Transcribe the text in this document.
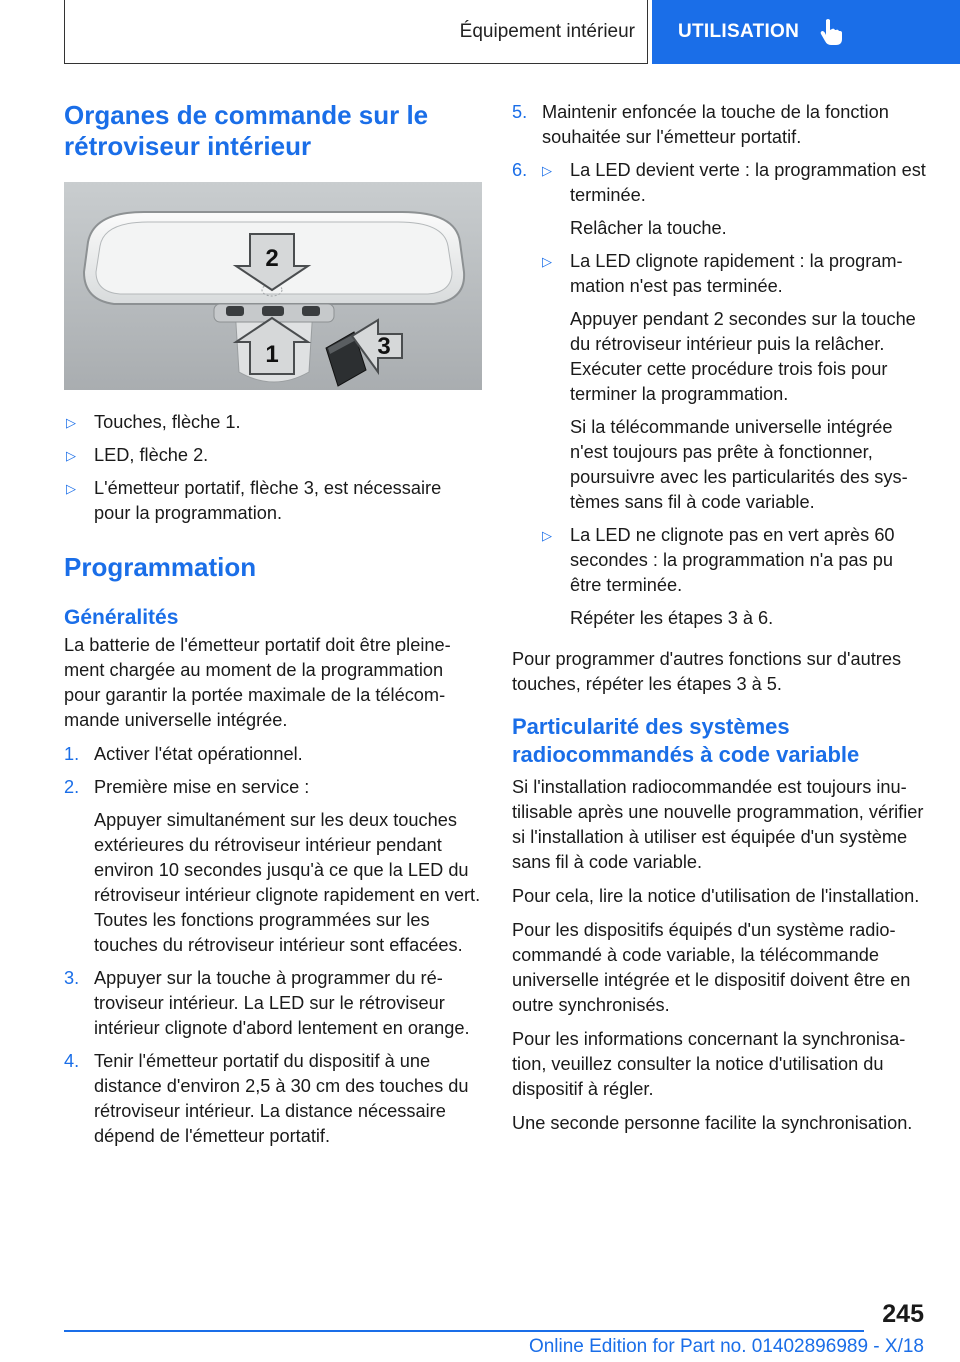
Équipement intérieur	UTILISATION
Organes de commande sur le rétroviseur intérieur
2
1	3
▷ Touches, flèche 1.
▷ LED, flèche 2.
▷ L'émetteur portatif, flèche 3, est nécessaire pour la programmation.
Programmation
Généralités

La batterie de l'émetteur portatif doit être pleinement chargée au moment de la programmation pour garantir la portée maximale de la télécommande universelle intégrée.

1. Activer l'état opérationnel.

2. Première mise en service :

Appuyer simultanément sur les deux touches extérieures du rétroviseur intérieur pendant environ 10 secondes jusqu'à ce que la LED du rétroviseur intérieur clignote rapidement en vert. Toutes les fonctions programmées sur les touches du rétroviseur intérieur sont effacées.

3. Appuyer sur la touche à programmer du rétroviseur intérieur. La LED sur le rétroviseur intérieur clignote d'abord lentement en orange.

4. Tenir l'émetteur portatif du dispositif à une distance d'environ 2,5 à 30 cm des touches du rétroviseur intérieur. La distance nécessaire dépend de l'émetteur portatif.

5. Maintenir enfoncée la touche de la fonction souhaitée sur l'émetteur portatif.

6.	▷ La LED devient verte : la programmation est terminée.

Relâcher la touche.

▷ La LED clignote rapidement : la programmation n'est pas terminée.

Appuyer pendant 2 secondes sur la touche du rétroviseur intérieur puis la relâcher. Exécuter cette procédure trois fois pour terminer la programmation.

Si la télécommande universelle intégrée n'est toujours pas prête à fonctionner, poursuivre avec les particularités des systèmes sans fil à code variable.

▷ La LED ne clignote pas en vert après 60 secondes : la programmation n'a pas pu être terminée.

Répéter les étapes 3 à 6.

Pour programmer d'autres fonctions sur d'autres touches, répéter les étapes 3 à 5.

Particularité des systèmes radiocommandés à code variable

Si l'installation radiocommandée est toujours inutilisable après une nouvelle programmation, vérifier si l'installation à utiliser est équipée d'un système sans fil à code variable.

Pour cela, lire la notice d'utilisation de l'installation.

Pour les dispositifs équipés d'un système radiocommandé à code variable, la télécommande universelle intégrée et le dispositif doivent être en outre synchronisés.

Pour les informations concernant la synchronisation, veuillez consulter la notice d'utilisation du dispositif à régler.

Une seconde personne facilite la synchronisation.

245
Online Edition for Part no. 01402896989 - X/18
